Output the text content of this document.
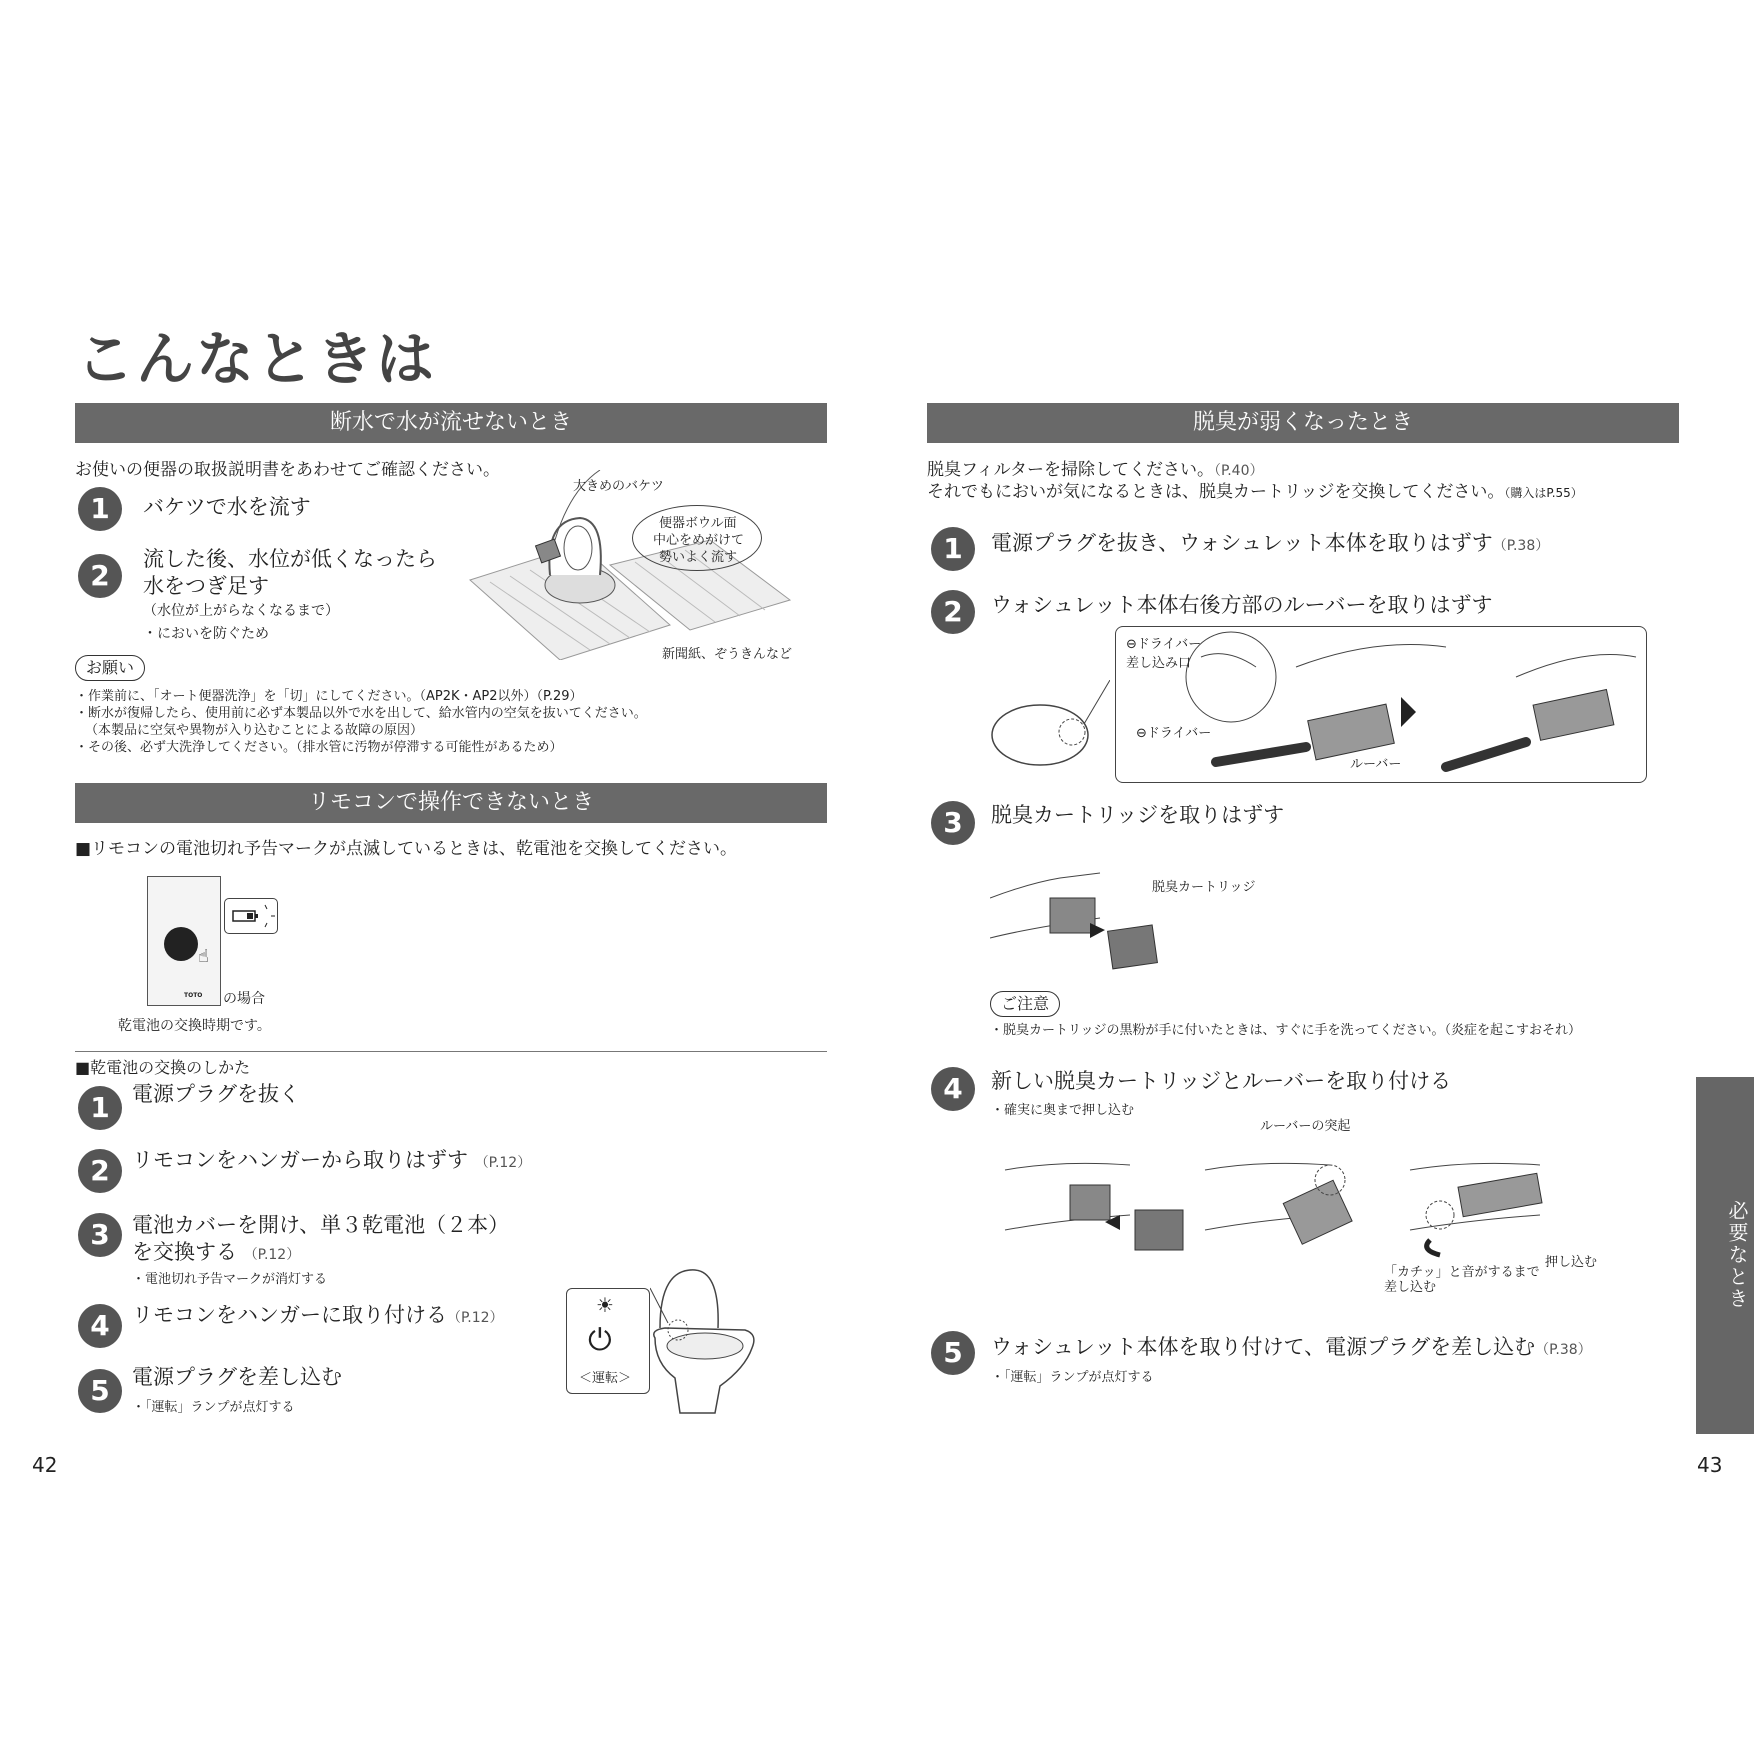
こんなときは
断水で水が流せないとき
お使いの便器の取扱説明書をあわせてご確認ください。
1	バケツで水を流す
2	流した後、水位が低くなったら
水をつぎ足す
（水位が上がらなくなるまで）
・においを防ぐため
大きめのバケツ
便器ボウル面
中心をめがけて
勢いよく流す
新聞紙、ぞうきんなど
お願い
・作業前に、「オート便器洗浄」を「切」にしてください。（AP2K・AP2以外）（P.29）
・断水が復帰したら、使用前に必ず本製品以外で水を出して、給水管内の空気を抜いてください。
（本製品に空気や異物が入り込むことによる故障の原因）
・その後、必ず大洗浄してください。（排水管に汚物が停滞する可能性があるため）
リモコンで操作できないとき
■リモコンの電池切れ予告マークが点滅しているときは、乾電池を交換してください。
TOTO
☝
の場合
乾電池の交換時期です。
■乾電池の交換のしかた
1	電源プラグを抜く
2	リモコンをハンガーから取りはずす （P.12）
3	電池カバーを開け、単３乾電池（２本）
を交換する （P.12）
・電池切れ予告マークが消灯する
4	リモコンをハンガーに取り付ける（P.12）
5	電源プラグを差し込む
・「運転」ランプが点灯する
☀
⏻
＜運転＞
42
脱臭が弱くなったとき
脱臭フィルターを掃除してください。（P.40）
それでもにおいが気になるときは、脱臭カートリッジを交換してください。（購入はP.55）
1	電源プラグを抜き、ウォシュレット本体を取りはずす（P.38）
2	ウォシュレット本体右後方部のルーバーを取りはずす
⊖ドライバー
差し込み口
⊖ドライバー
ルーバー
3	脱臭カートリッジを取りはずす
脱臭カートリッジ
ご注意
・脱臭カートリッジの黒粉が手に付いたときは、すぐに手を洗ってください。（炎症を起こすおそれ）
4	新しい脱臭カートリッジとルーバーを取り付ける
・確実に奥まで押し込む
ルーバーの突起
「カチッ」と音がするまで
差し込む
押し込む
5	ウォシュレット本体を取り付けて、電源プラグを差し込む（P.38）
・「運転」ランプが点灯する
必要なとき
43
